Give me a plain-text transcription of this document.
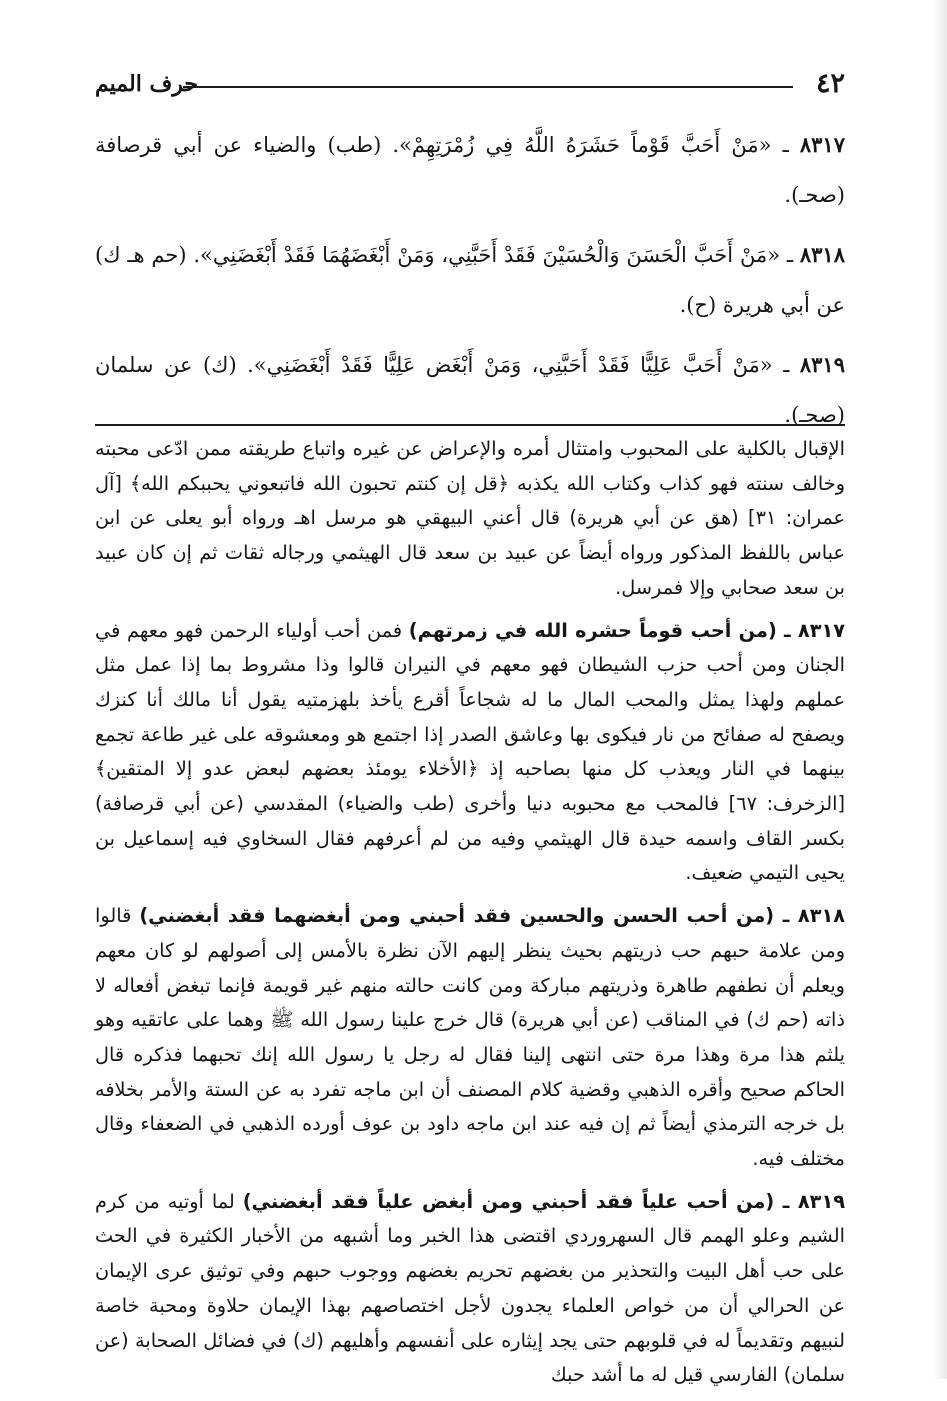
٤٢
حرف الميم

٨٣١٧ ـ «مَنْ أَحَبَّ قَوْماً حَشَرَهُ اللَّهُ فِي زُمْرَتِهِمْ». (طب) والضياء عن أبي قرصافة (صحـ).

٨٣١٨ ـ «مَنْ أَحَبَّ الْحَسَنَ وَالْحُسَيْنَ فَقَدْ أَحَبَّنِي، وَمَنْ أَبْغَضَهُمَا فَقَدْ أَبْغَضَنِي». (حم هـ ك) عن أبي هريرة (ح).

٨٣١٩ ـ «مَنْ أَحَبَّ عَلِيًّا فَقَدْ أَحَبَّنِي، وَمَنْ أَبْغَض عَلِيًّا فَقَدْ أَبْغَضَنِي». (ك) عن سلمان (صحـ).

الإقبال بالكلية على المحبوب وامتثال أمره والإعراض عن غيره واتباع طريقته ممن ادّعى محبته وخالف سنته فهو كذاب وكتاب الله يكذبه ﴿قل إن كنتم تحبون الله فاتبعوني يحببكم الله﴾ [آل عمران: ٣١] (هق عن أبي هريرة) قال أعني البيهقي هو مرسل اهـ ورواه أبو يعلى عن ابن عباس باللفظ المذكور ورواه أيضاً عن عبيد بن سعد قال الهيثمي ورجاله ثقات ثم إن كان عبيد بن سعد صحابي وإلا فمرسل.

٨٣١٧ ـ (من أحب قوماً حشره الله في زمرتهم) فمن أحب أولياء الرحمن فهو معهم في الجنان ومن أحب حزب الشيطان فهو معهم في النيران قالوا وذا مشروط بما إذا عمل مثل عملهم ولهذا يمثل والمحب المال ما له شجاعاً أقرع يأخذ بلهزمتيه يقول أنا مالك أنا كنزك ويصفح له صفائح من نار فيكوى بها وعاشق الصدر إذا اجتمع هو ومعشوقه على غير طاعة تجمع بينهما في النار ويعذب كل منها بصاحبه إذ ﴿الأخلاء يومئذ بعضهم لبعض عدو إلا المتقين﴾ [الزخرف: ٦٧] فالمحب مع محبوبه دنيا وأخرى (طب والضياء) المقدسي (عن أبي قرصافة) بكسر القاف واسمه حيدة قال الهيثمي وفيه من لم أعرفهم فقال السخاوي فيه إسماعيل بن يحيى التيمي ضعيف.

٨٣١٨ ـ (من أحب الحسن والحسين فقد أحبني ومن أبغضهما فقد أبغضني) قالوا ومن علامة حبهم حب ذريتهم بحيث ينظر إليهم الآن نظرة بالأمس إلى أصولهم لو كان معهم ويعلم أن نطفهم طاهرة وذريتهم مباركة ومن كانت حالته منهم غير قويمة فإنما تبغض أفعاله لا ذاته (حم ك) في المناقب (عن أبي هريرة) قال خرج علينا رسول الله ﷺ وهما على عاتقيه وهو يلثم هذا مرة وهذا مرة حتى انتهى إلينا فقال له رجل يا رسول الله إنك تحبهما فذكره قال الحاكم صحيح وأقره الذهبي وقضية كلام المصنف أن ابن ماجه تفرد به عن الستة والأمر بخلافه بل خرجه الترمذي أيضاً ثم إن فيه عند ابن ماجه داود بن عوف أورده الذهبي في الضعفاء وقال مختلف فيه.

٨٣١٩ ـ (من أحب علياً فقد أحبني ومن أبغض علياً فقد أبغضني) لما أوتيه من كرم الشيم وعلو الهمم قال السهروردي اقتضى هذا الخبر وما أشبهه من الأخبار الكثيرة في الحث على حب أهل البيت والتحذير من بغضهم تحريم بغضهم ووجوب حبهم وفي توثيق عرى الإيمان عن الحرالي أن من خواص العلماء يجدون لأجل اختصاصهم بهذا الإيمان حلاوة ومحبة خاصة لنبيهم وتقديماً له في قلوبهم حتى يجد إيثاره على أنفسهم وأهليهم (ك) في فضائل الصحابة (عن سلمان) الفارسي قيل له ما أشد حبك
